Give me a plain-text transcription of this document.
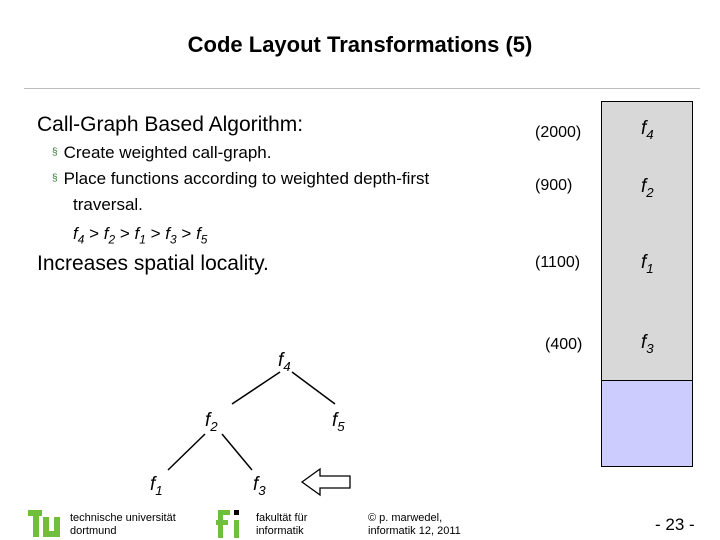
Code Layout Transformations (5)
Call-Graph Based Algorithm:
§ Create weighted call-graph.
§ Place functions according to weighted depth-first
traversal.
$f_4 > f_2 > f_1 > f_3 > f_5$
Increases spatial locality.
(2000)
(900)
(1100)
(400)
$f_4$
$f_2$
$f_1$
$f_3$
$f_4$
$f_2$	$f_5$
$f_1$	$f_3$
technische universität
dortmund
fakultät für
informatik
© p. marwedel,
informatik 12, 2011	- 23 -
